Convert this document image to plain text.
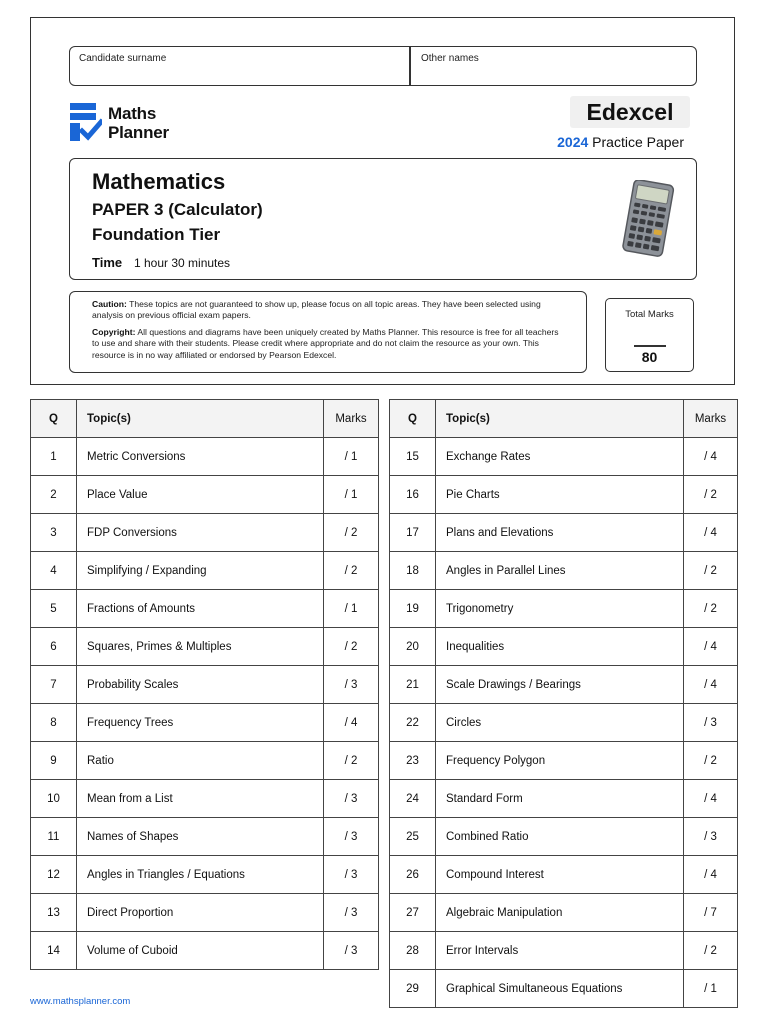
Candidate surname	Other names
Maths
Planner
Edexcel
2024 Practice Paper
Mathematics
PAPER 3 (Calculator)
Foundation Tier
Time 1 hour 30 minutes

Caution: These topics are not guaranteed to show up, please focus on all topic areas. They have been selected using analysis on previous official exam papers.

Copyright: All questions and diagrams have been uniquely created by Maths Planner. This resource is free for all teachers to use and share with their students. Please credit where appropriate and do not claim the resource as your own. This resource is in no way affiliated or endorsed by Pearson Edexcel.

Total Marks
80
Q	Topic(s)	Marks
1	Metric Conversions	/ 1
2	Place Value	/ 1
3	FDP Conversions	/ 2
4	Simplifying / Expanding	/ 2
5	Fractions of Amounts	/ 1
6	Squares, Primes & Multiples	/ 2
7	Probability Scales	/ 3
8	Frequency Trees	/ 4
9	Ratio	/ 2
10	Mean from a List	/ 3
11	Names of Shapes	/ 3
12	Angles in Triangles / Equations	/ 3
13	Direct Proportion	/ 3
14	Volume of Cuboid	/ 3
Q	Topic(s)	Marks
15	Exchange Rates	/ 4
16	Pie Charts	/ 2
17	Plans and Elevations	/ 4
18	Angles in Parallel Lines	/ 2
19	Trigonometry	/ 2
20	Inequalities	/ 4
21	Scale Drawings / Bearings	/ 4
22	Circles	/ 3
23	Frequency Polygon	/ 2
24	Standard Form	/ 4
25	Combined Ratio	/ 3
26	Compound Interest	/ 4
27	Algebraic Manipulation	/ 7
28	Error Intervals	/ 2
29	Graphical Simultaneous Equations	/ 1
www.mathsplanner.com
